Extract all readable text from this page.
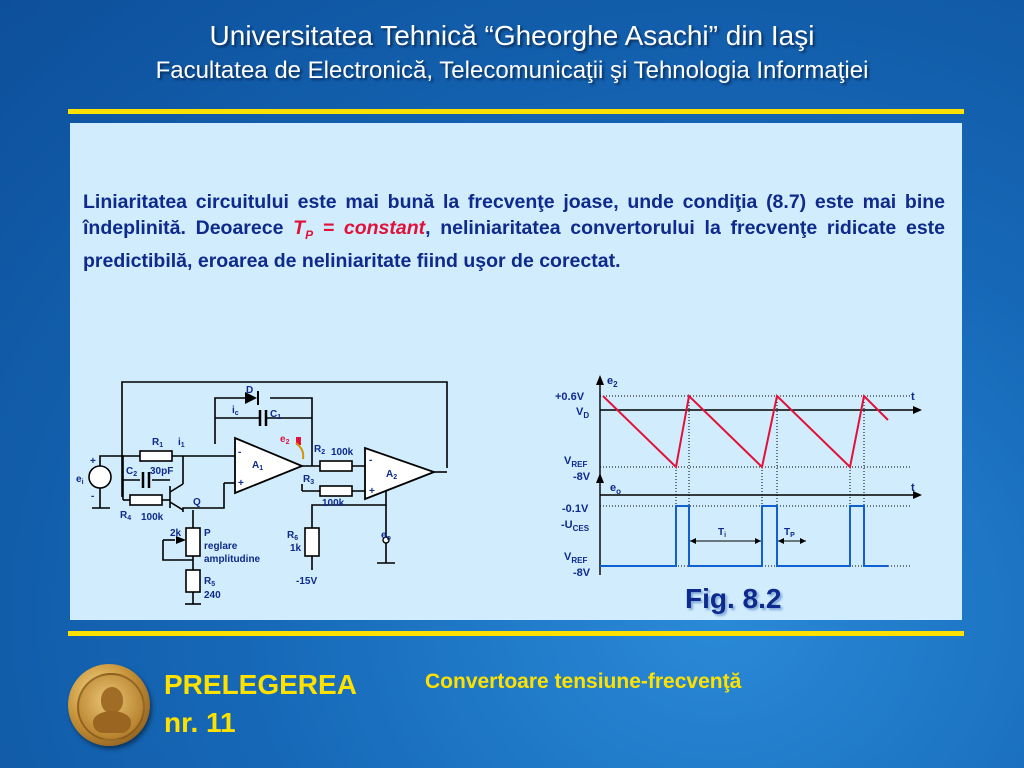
Universitatea Tehnică “Gheorghe Asachi” din Iaşi
Facultatea de Electronică, Telecomunicaţii şi Tehnologia Informaţiei
Liniaritatea circuitului este mai bună la frecvenţe joase, unde condiţia (8.7) este mai bine îndeplinită. Deoarece $T_P$ = constant, neliniaritatea convertorului la frecvenţe ridicate este predictibilă, eroarea de neliniaritate fiind uşor de corectat.
D
$i_c$	$C_1$
$e_2$
$R_1$ $i_1$	$R_2$ 100k
$R_3$
100k
$A_1$
-
+
$A_2$
-
+
$C_2$ 30pF
$e_i$
+
-
$R_4$ 100k
Q
2k P
reglare
amplitudine
$R_5$
240
$R_6$
1k
-15V
$e_o$
$e_2$
t
+0.6V
$V_D$
$V_{REF}$
-8V
$e_o$	t
-0.1V
$-U_{CES}$
$V_{REF}$
-8V
$T_i$	$T_P$
Fig. 8.2
PRELEGEREA
nr. 11
Convertoare tensiune-frecvenţă
